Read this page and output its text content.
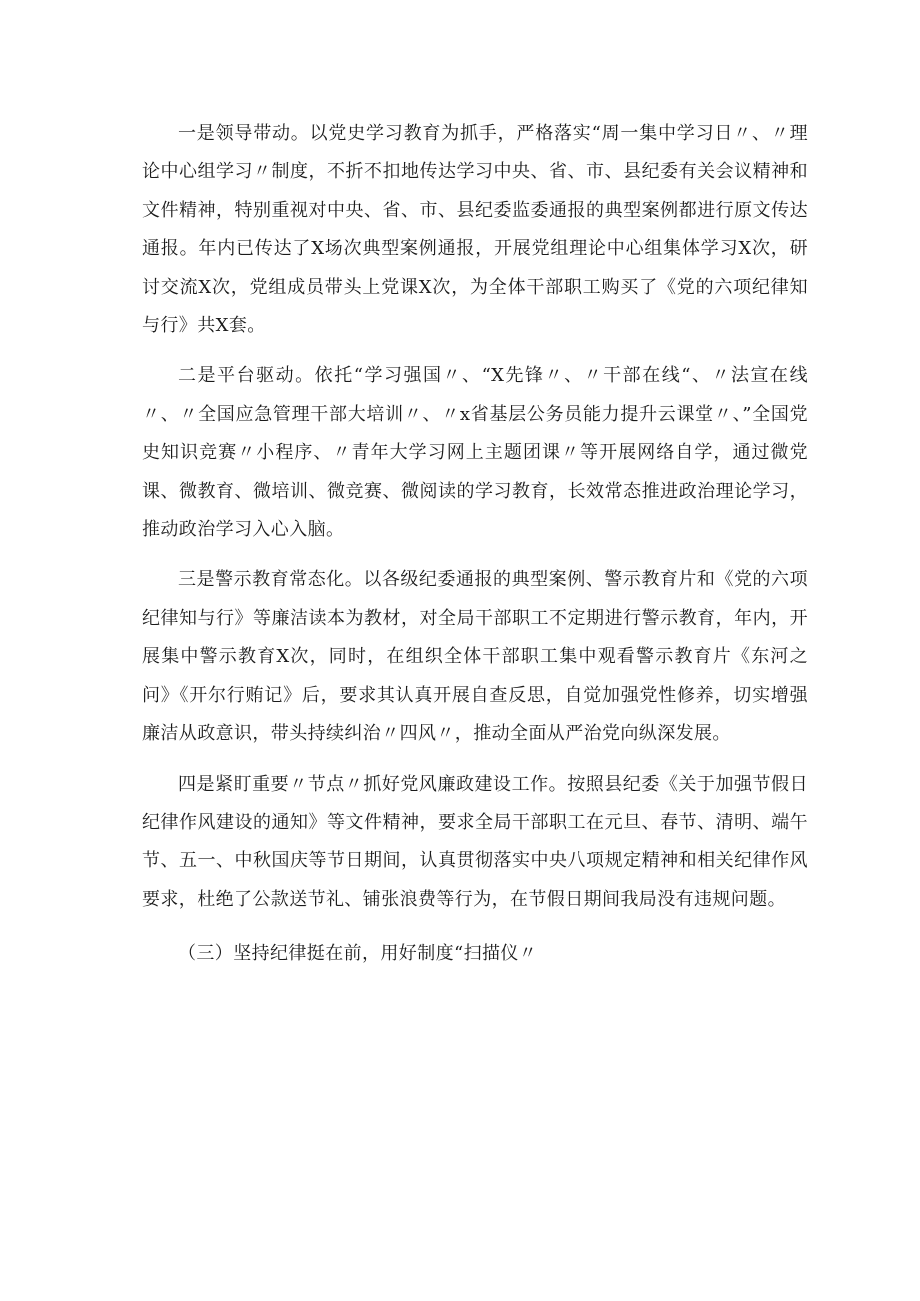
一是领导带动。以党史学习教育为抓手，严格落实“周一集中学习日〃、〃理论中心组学习〃制度，不折不扣地传达学习中央、省、市、县纪委有关会议精神和文件精神，特别重视对中央、省、市、县纪委监委通报的典型案例都进行原文传达通报。年内已传达了X场次典型案例通报，开展党组理论中心组集体学习X次，研讨交流X次，党组成员带头上党课X次，为全体干部职工购买了《党的六项纪律知与行》共X套。

二是平台驱动。依托“学习强国〃、“X先锋〃、〃干部在线“、〃法宣在线〃、〃全国应急管理干部大培训〃、〃x省基层公务员能力提升云课堂〃、”全国党史知识竞赛〃小程序、〃青年大学习网上主题团课〃等开展网络自学，通过微党课、微教育、微培训、微竞赛、微阅读的学习教育，长效常态推进政治理论学习，推动政治学习入心入脑。

三是警示教育常态化。以各级纪委通报的典型案例、警示教育片和《党的六项纪律知与行》等廉洁读本为教材，对全局干部职工不定期进行警示教育，年内，开展集中警示教育X次，同时，在组织全体干部职工集中观看警示教育片《东河之问》《开尔行贿记》后，要求其认真开展自查反思，自觉加强党性修养，切实增强廉洁从政意识，带头持续纠治〃四风〃，推动全面从严治党向纵深发展。

四是紧盯重要〃节点〃抓好党风廉政建设工作。按照县纪委《关于加强节假日纪律作风建设的通知》等文件精神，要求全局干部职工在元旦、春节、清明、端午节、五一、中秋国庆等节日期间，认真贯彻落实中央八项规定精神和相关纪律作风要求，杜绝了公款送节礼、铺张浪费等行为，在节假日期间我局没有违规问题。

（三）坚持纪律挺在前，用好制度“扫描仪〃
